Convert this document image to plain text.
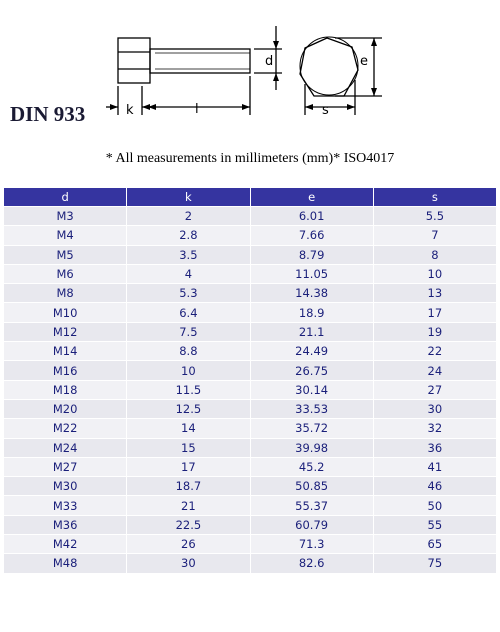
k	l
d	e
s
DIN 933
* All measurements in millimeters (mm)* ISO4017
d	k	e	s
M3	2	6.01	5.5
M4	2.8	7.66	7
M5	3.5	8.79	8
M6	4	11.05	10
M8	5.3	14.38	13
M10	6.4	18.9	17
M12	7.5	21.1	19
M14	8.8	24.49	22
M16	10	26.75	24
M18	11.5	30.14	27
M20	12.5	33.53	30
M22	14	35.72	32
M24	15	39.98	36
M27	17	45.2	41
M30	18.7	50.85	46
M33	21	55.37	50
M36	22.5	60.79	55
M42	26	71.3	65
M48	30	82.6	75
